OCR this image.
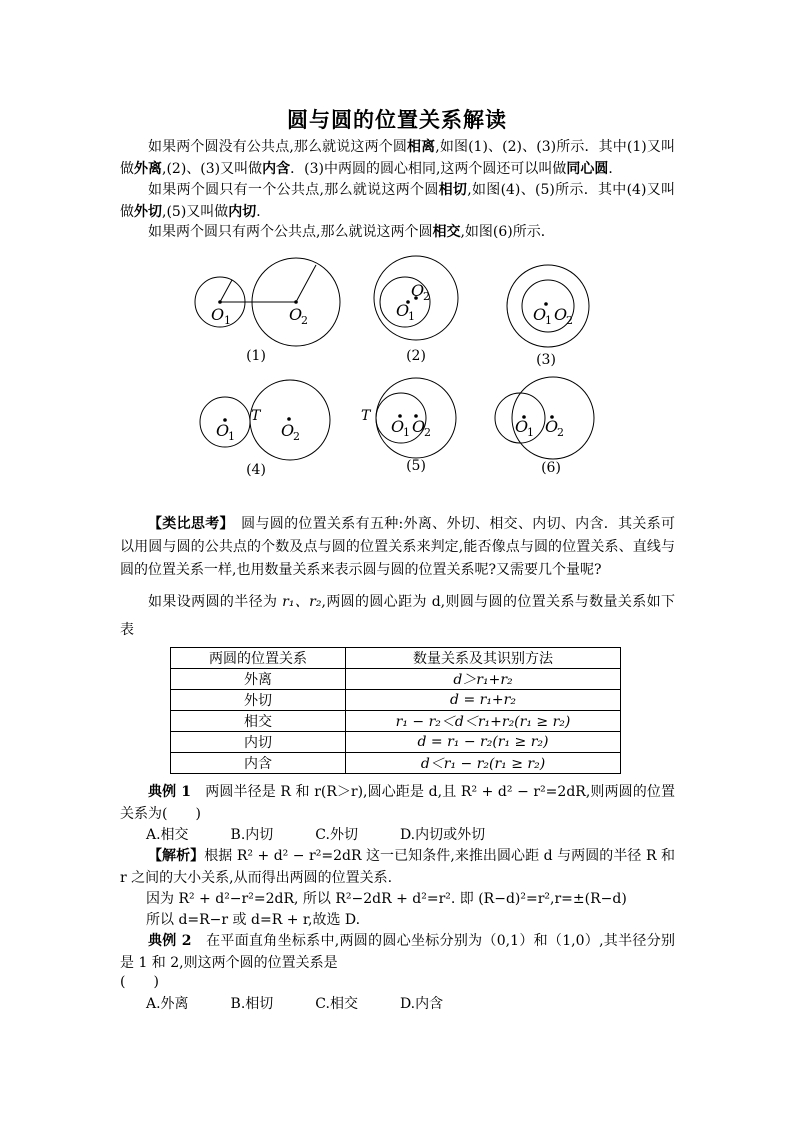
圆与圆的位置关系解读
如果两个圆没有公共点,那么就说这两个圆相离,如图(1)、(2)、(3)所示．其中(1)又叫做外离,(2)、(3)又叫做内含．(3)中两圆的圆心相同,这两个圆还可以叫做同心圆．
如果两个圆只有一个公共点,那么就说这两个圆相切,如图(4)、(5)所示．其中(4)又叫做外切,(5)又叫做内切．
如果两个圆只有两个公共点,那么就说这两个圆相交,如图(6)所示．
O 1	O
2
O
1
O
2
O
1 O
2
O
1
T
O
2
T
O
1 O
2	O
1 O
2
(1)	(2)	(3)
(4)	(5)	(6)
【类比思考】　圆与圆的位置关系有五种:外离、外切、相交、内切、内含．其关系可以用圆与圆的公共点的个数及点与圆的位置关系来判定,能否像点与圆的位置关系、直线与圆的位置关系一样,也用数量关系来表示圆与圆的位置关系呢?又需要几个量呢?
如果设两圆的半径为 r₁、r₂,两圆的圆心距为 d,则圆与圆的位置关系与数量关系如下表
两圆的位置关系	数量关系及其识别方法
外离	d＞r₁+r₂
外切	d = r₁+r₂
相交	r₁ − r₂＜d＜r₁+r₂(r₁ ≥ r₂)
内切	d = r₁ − r₂(r₁ ≥ r₂)
内含	d＜r₁ − r₂(r₁ ≥ r₂)
典例 1　两圆半径是 R 和 r(R＞r),圆心距是 d,且 R² + d² − r²=2dR,则两圆的位置关系为(　　)
A.相交　　　B.内切　　　C.外切　　　D.内切或外切
【解析】根据 R² + d² − r²=2dR 这一已知条件,来推出圆心距 d 与两圆的半径 R 和 r 之间的大小关系,从而得出两圆的位置关系.
因为 R² + d²−r²=2dR, 所以 R²−2dR + d²=r². 即 (R−d)²=r²,r=±(R−d)
所以 d=R−r 或 d=R + r,故选 D.
典例 2　在平面直角坐标系中,两圆的圆心坐标分别为（0,1）和（1,0）,其半径分别是 1 和 2,则这两个圆的位置关系是
(　　)
A.外离　　　B.相切　　　C.相交　　　D.内含
